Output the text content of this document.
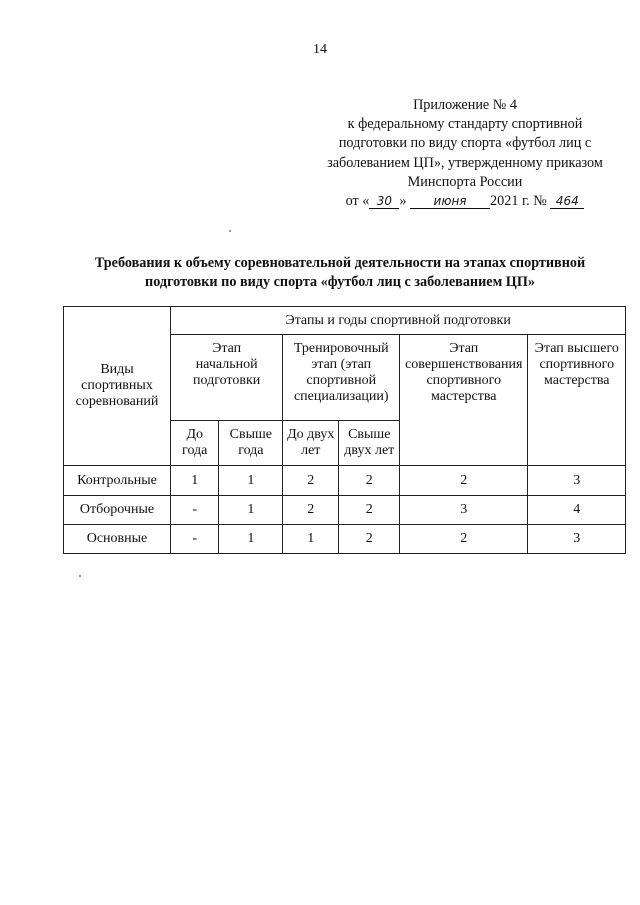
14
Приложение № 4
к федеральному стандарту спортивной
подготовки по виду спорта «футбол лиц с
заболеванием ЦП», утвержденному приказом
Минспорта России
от « 30 » июня 2021 г. № 464
Требования к объему соревновательной деятельности на этапах спортивной
подготовки по виду спорта «футбол лиц с заболеванием ЦП»
Виды спортивных соревнований	Этапы и годы спортивной подготовки					
	Этап начальной подготовки		Тренировочный этап (этап спортивной специализации)		Этап совершенствования спортивного мастерства	Этап высшего спортивного мастерства
	До года	Свыше года	До двух лет	Свыше двух лет		
Контрольные	1	1	2	2	2	3
Отборочные	-	1	2	2	3	4
Основные	-	1	1	2	2	3
